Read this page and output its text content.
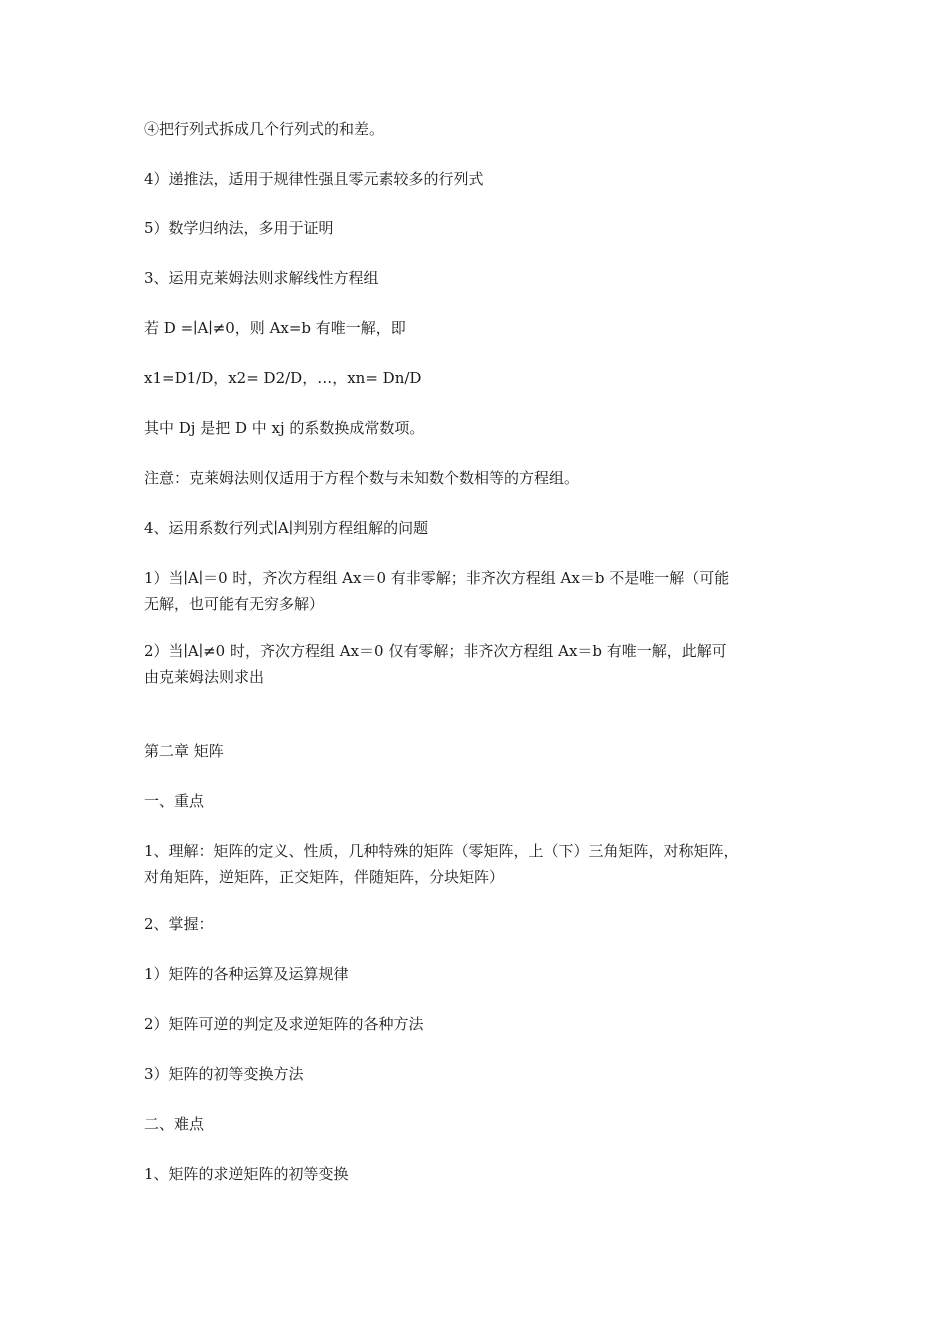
④把行列式拆成几个行列式的和差。

4）递推法，适用于规律性强且零元素较多的行列式

5）数学归纳法，多用于证明

3、运用克莱姆法则求解线性方程组

若 D =∣A∣≠0，则 Ax=b 有唯一解，即

x1=D1/D，x2= D2/D，…，xn= Dn/D

其中 Dj 是把 D 中 xj 的系数换成常数项。

注意：克莱姆法则仅适用于方程个数与未知数个数相等的方程组。

4、运用系数行列式∣A∣判别方程组解的问题

1）当∣A∣＝0 时，齐次方程组 Ax＝0 有非零解；非齐次方程组 Ax＝b 不是唯一解（可能
无解，也可能有无穷多解）
2）当∣A∣≠0 时，齐次方程组 Ax＝0 仅有零解；非齐次方程组 Ax＝b 有唯一解，此解可
由克莱姆法则求出

第二章 矩阵

一、重点

1、理解：矩阵的定义、性质，几种特殊的矩阵（零矩阵，上（下）三角矩阵，对称矩阵，
对角矩阵，逆矩阵，正交矩阵，伴随矩阵，分块矩阵）

2、掌握：

1）矩阵的各种运算及运算规律

2）矩阵可逆的判定及求逆矩阵的各种方法

3）矩阵的初等变换方法

二、难点

1、矩阵的求逆矩阵的初等变换
